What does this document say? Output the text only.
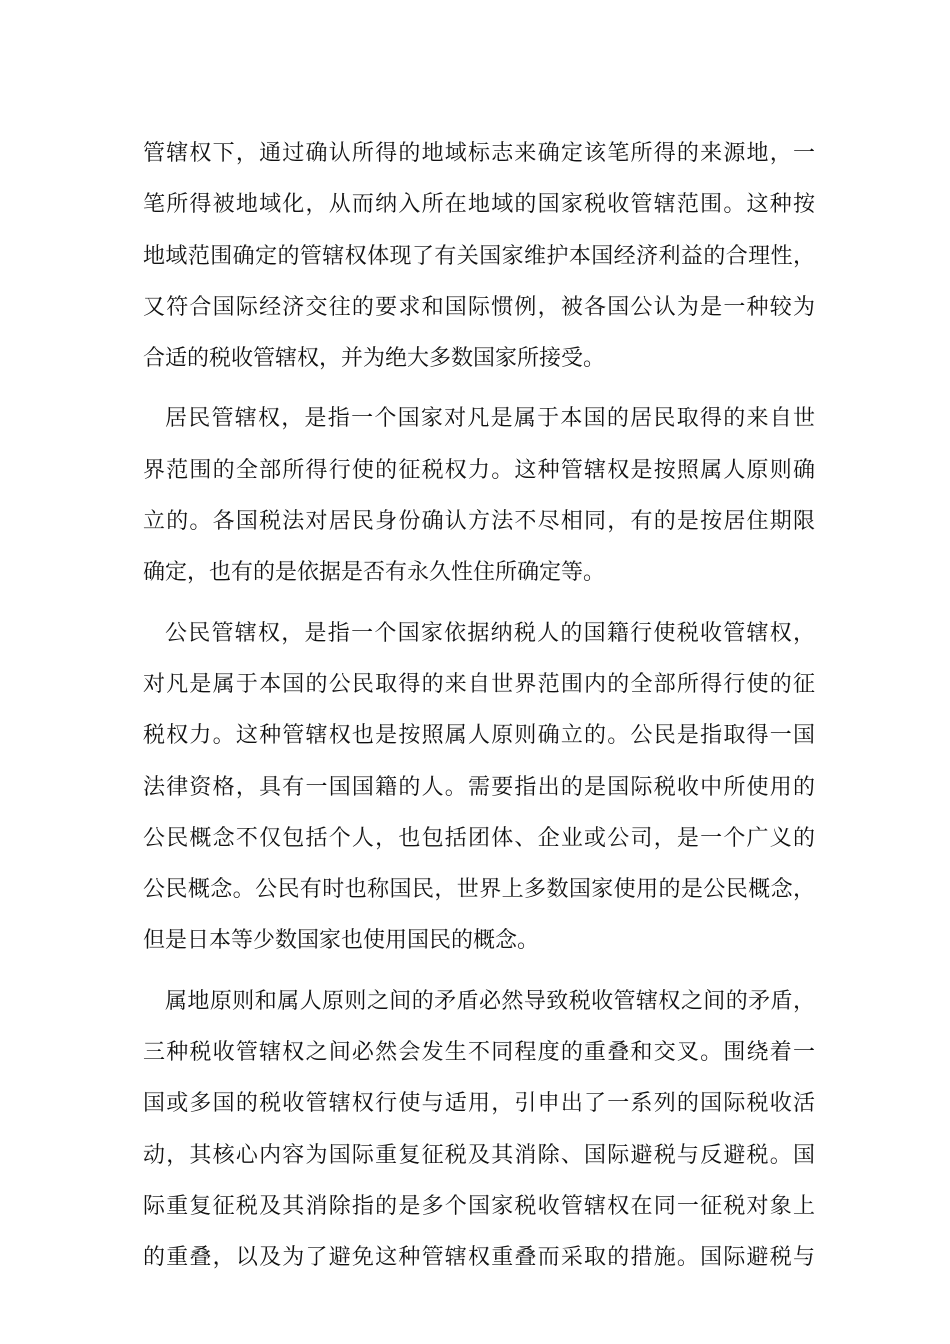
管辖权下，通过确认所得的地域标志来确定该笔所得的来源地，一
笔所得被地域化，从而纳入所在地域的国家税收管辖范围。这种按
地域范围确定的管辖权体现了有关国家维护本国经济利益的合理性，
又符合国际经济交往的要求和国际惯例，被各国公认为是一种较为
合适的税收管辖权，并为绝大多数国家所接受。
居民管辖权，是指一个国家对凡是属于本国的居民取得的来自世
界范围的全部所得行使的征税权力。这种管辖权是按照属人原则确
立的。各国税法对居民身份确认方法不尽相同，有的是按居住期限
确定，也有的是依据是否有永久性住所确定等。
公民管辖权，是指一个国家依据纳税人的国籍行使税收管辖权，
对凡是属于本国的公民取得的来自世界范围内的全部所得行使的征
税权力。这种管辖权也是按照属人原则确立的。公民是指取得一国
法律资格，具有一国国籍的人。需要指出的是国际税收中所使用的
公民概念不仅包括个人，也包括团体、企业或公司，是一个广义的
公民概念。公民有时也称国民，世界上多数国家使用的是公民概念，
但是日本等少数国家也使用国民的概念。
属地原则和属人原则之间的矛盾必然导致税收管辖权之间的矛盾，
三种税收管辖权之间必然会发生不同程度的重叠和交叉。围绕着一
国或多国的税收管辖权行使与适用，引申出了一系列的国际税收活
动，其核心内容为国际重复征税及其消除、国际避税与反避税。国
际重复征税及其消除指的是多个国家税收管辖权在同一征税对象上
的重叠，以及为了避免这种管辖权重叠而采取的措施。国际避税与
